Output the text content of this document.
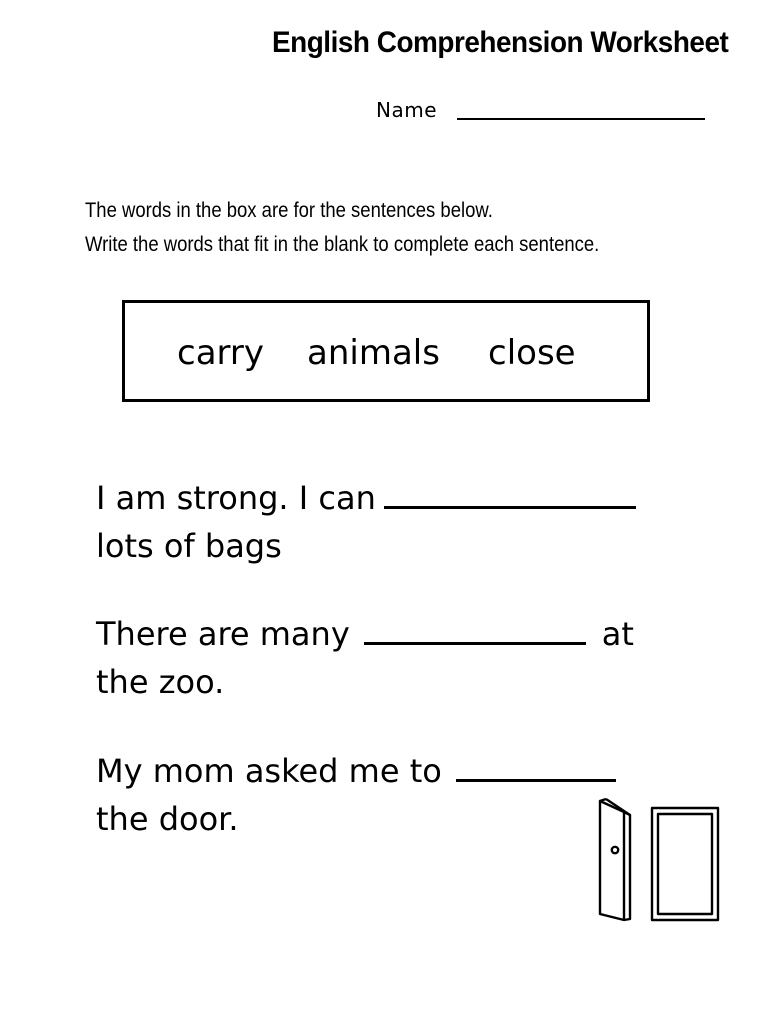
English Comprehension Worksheet
Name
The words in the box are for the sentences below.
Write the words that fit in the blank to complete each sentence.
carry animals close
I am strong. I can
lots of bags
There are many	at
the zoo.
My mom asked me to
the door.
